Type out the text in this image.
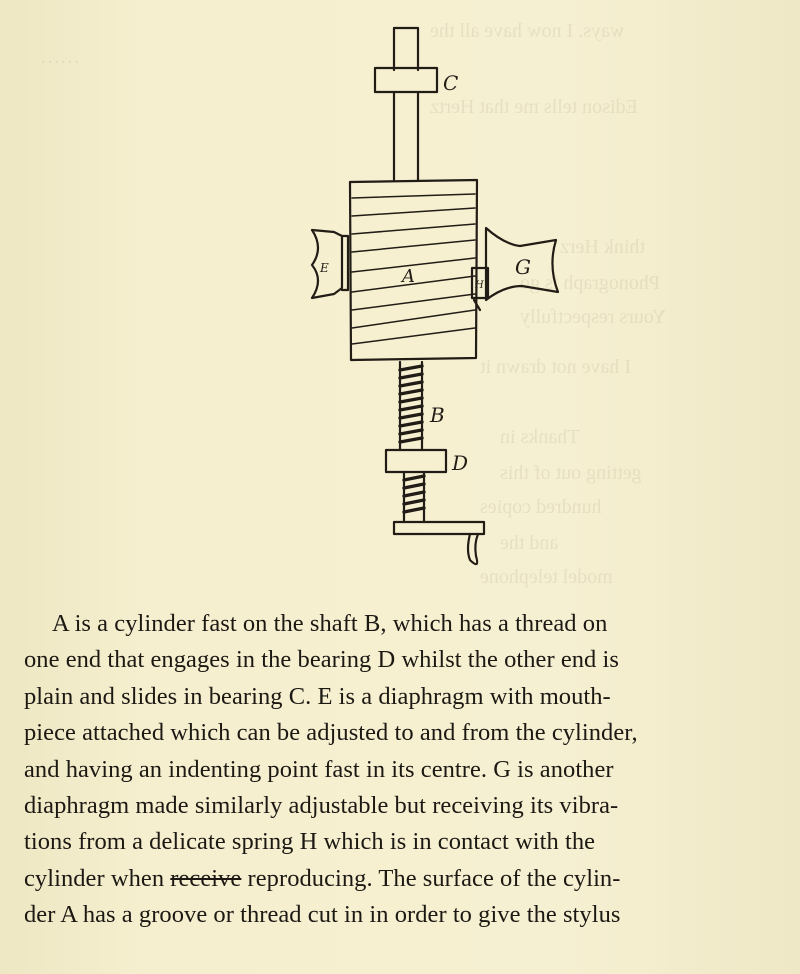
ways. I now have all the
……
Edison tells me that Hertz
think Herz
Phonograph is go
Yours respectfully
I have not drawn it
Thanks in
getting out of this
hundred copies
and the
model telephone
C
E	A	H
G
B
D

A is a cylinder fast on the shaft B, which has a thread on
one end that engages in the bearing D whilst the other end is
plain and slides in bearing C. E is a diaphragm with mouth-
piece attached which can be adjusted to and from the cylinder,
and having an indenting point fast in its centre. G is another
diaphragm made similarly adjustable but receiving its vibra-
tions from a delicate spring H which is in contact with the
cylinder when receive reproducing. The surface of the cylin-
der A has a groove or thread cut in in order to give the stylus
